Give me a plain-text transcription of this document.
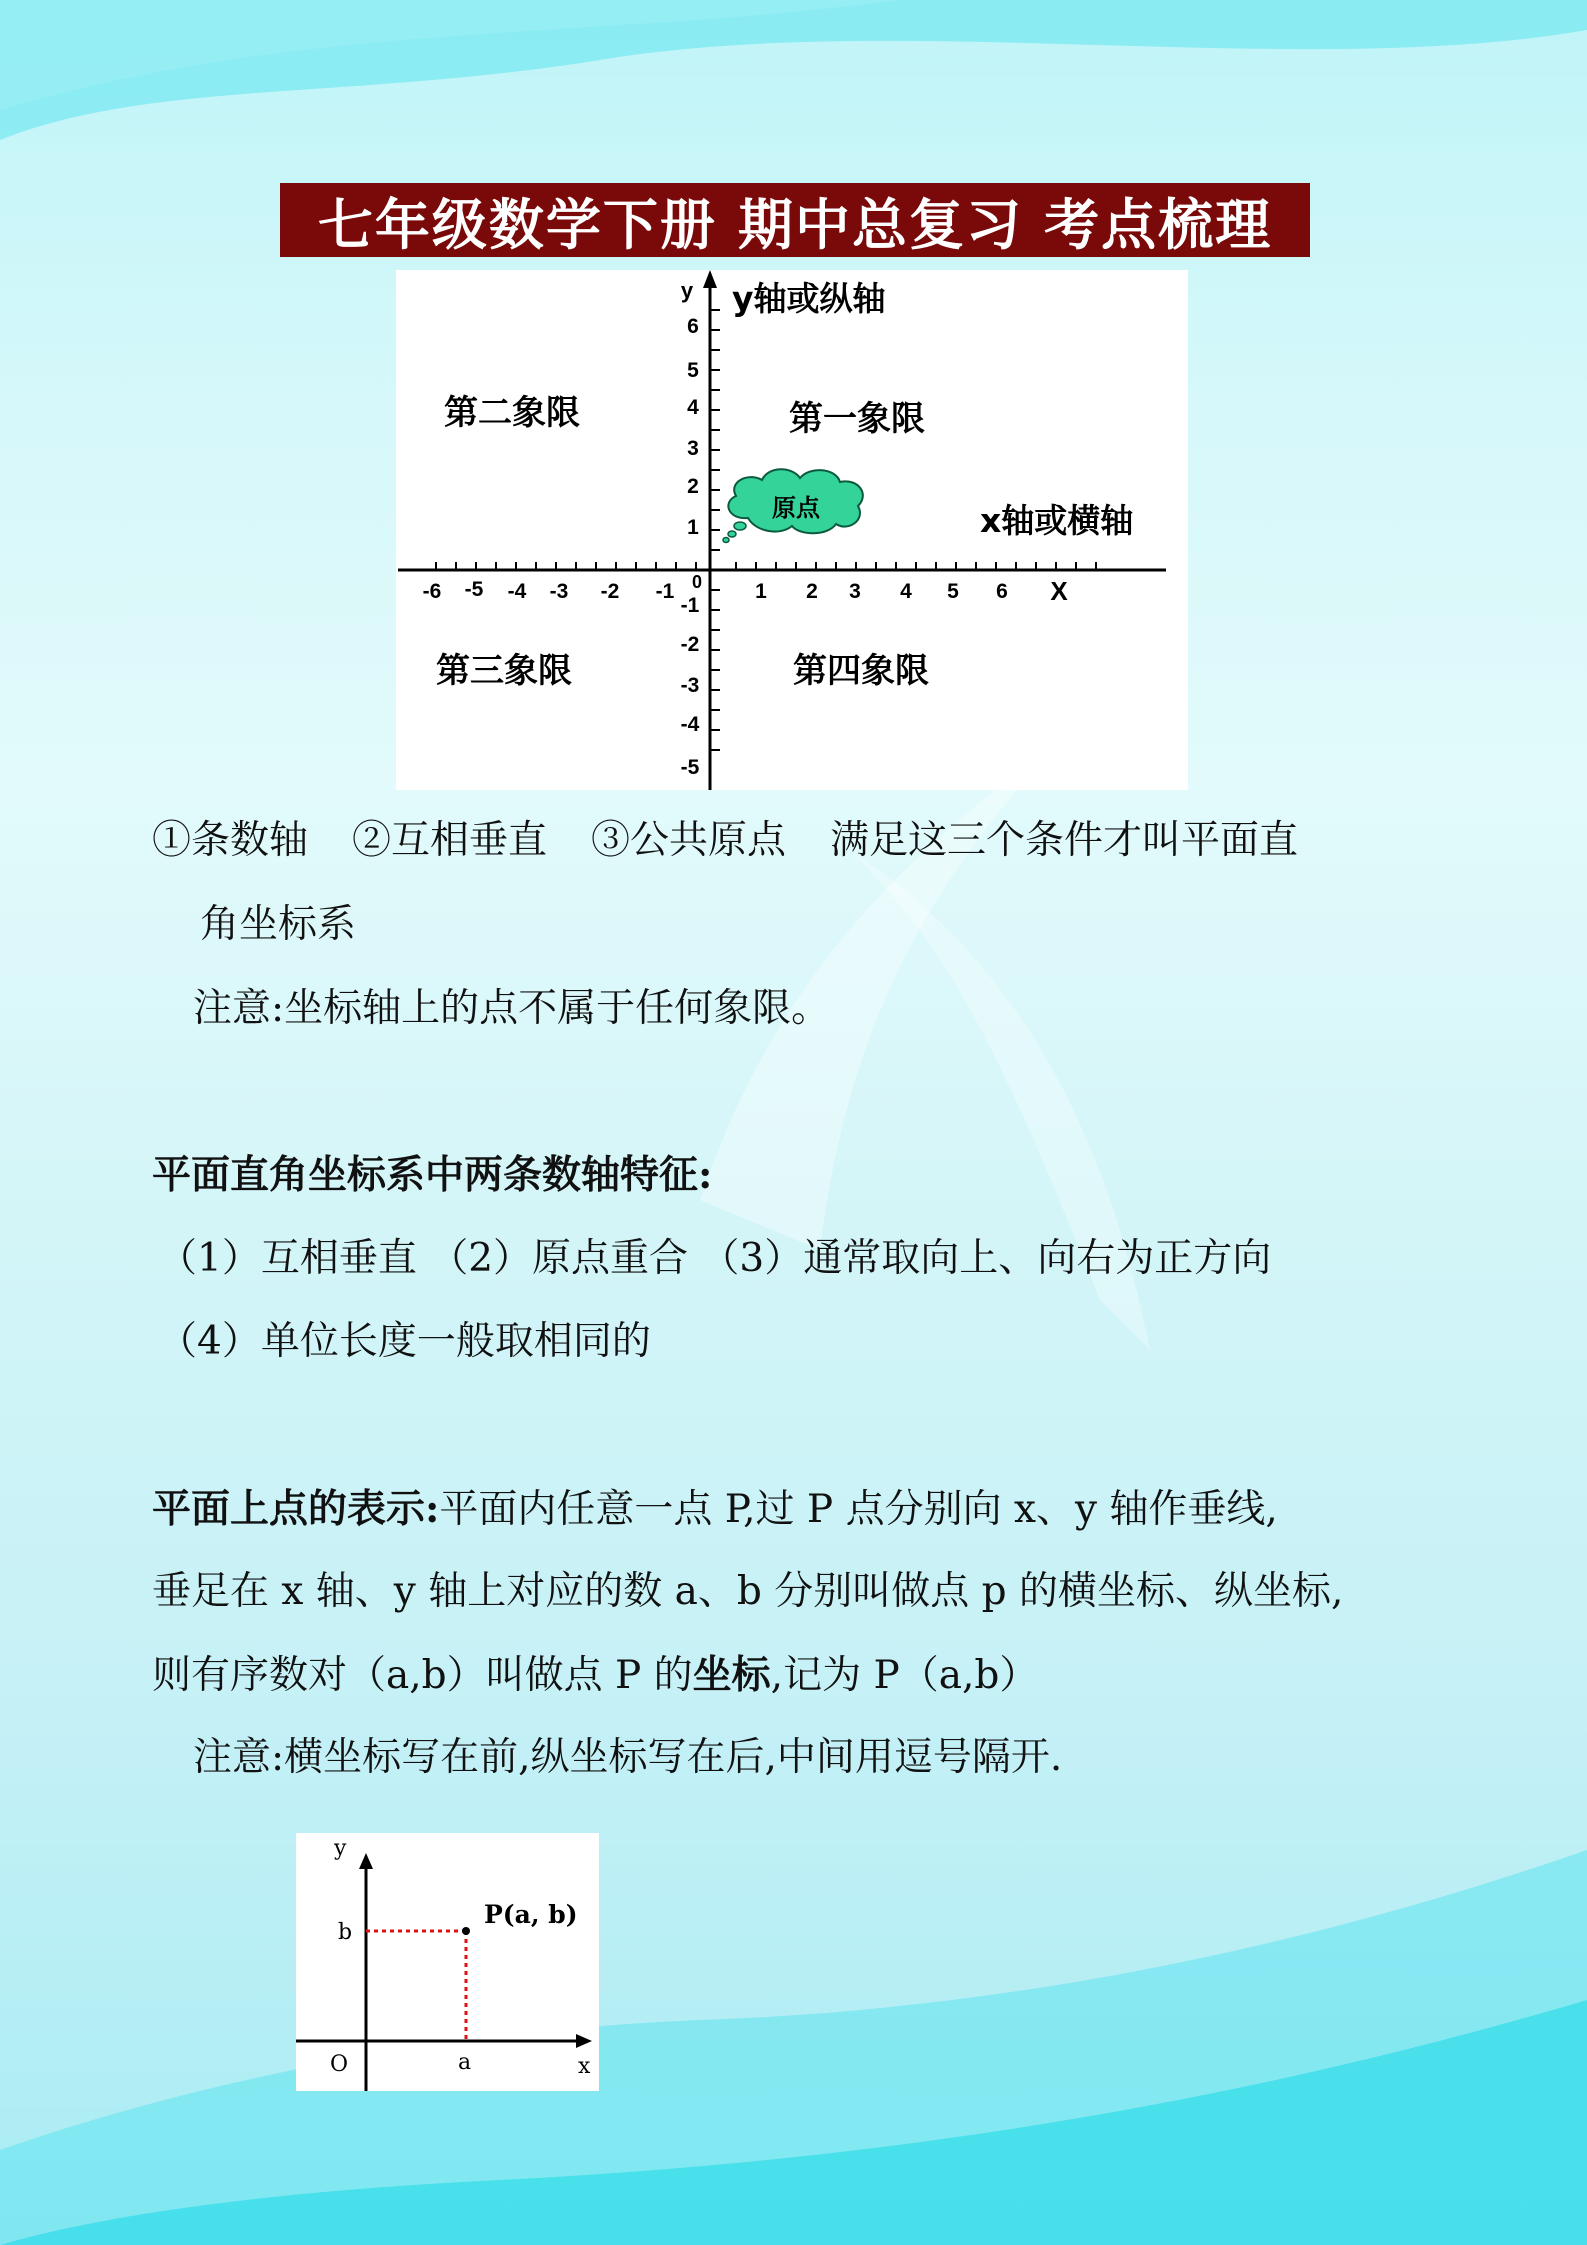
七年级数学下册 期中总复习 考点梳理
-6 -5 -4 -3 -2 -1	1 2 3 4 5 6 X
0
1
2
3
4
5
6
y
-1
-2
-3
-4
-5
y轴或纵轴
x轴或横轴
第一象限
第二象限
第三象限	第四象限
原点
①条数轴 ②互相垂直 ③公共原点 满足这三个条件才叫平面直
角坐标系
注意:坐标轴上的点不属于任何象限。
平面直角坐标系中两条数轴特征:
（1）互相垂直 （2）原点重合 （3）通常取向上、向右为正方向
（4）单位长度一般取相同的
平面上点的表示:平面内任意一点 P,过 P 点分别向 x、y 轴作垂线,
垂足在 x 轴、y 轴上对应的数 a、b 分别叫做点 p 的横坐标、纵坐标,
则有序数对（a,b）叫做点 P 的坐标,记为 P（a,b）
注意:横坐标写在前,纵坐标写在后,中间用逗号隔开.
y
b
P(a, b)
O	a	x
